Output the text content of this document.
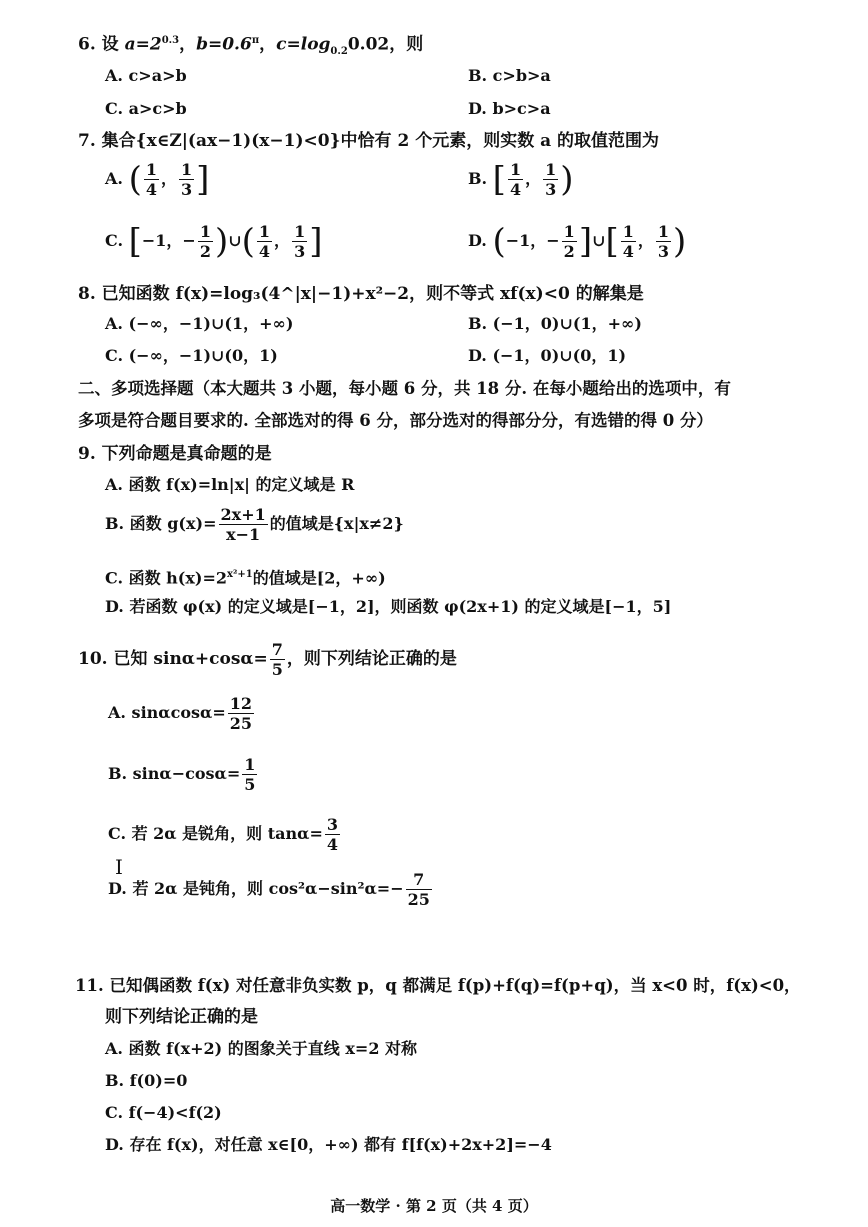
6. 设 $a=2^{0.3}$，$b=0.6^\pi$，$c=\log_{0.2}0.02$，则
A. c>a>b	B. c>b>a
C. a>c>b	D. b>c>a
7. 集合{x∈Z|(ax−1)(x−1)<0}中恰有 2 个元素，则实数 a 的取值范围为
A. ( $\frac{1}{4}$ ， $\frac{1}{3}$ ]	B. [ $\frac{1}{4}$ ， $\frac{1}{3}$ )
C. [−1，− $\frac{1}{2}$ )∪( $\frac{1}{4}$ ， $\frac{1}{3}$ ]	D. (−1，− $\frac{1}{2}$ ]∪[ $\frac{1}{4}$ ， $\frac{1}{3}$ )
8. 已知函数 f(x)=log₃(4^|x|−1)+x²−2，则不等式 xf(x)<0 的解集是
A. (−∞，−1)∪(1，+∞)	B. (−1，0)∪(1，+∞)
C. (−∞，−1)∪(0，1)	D. (−1，0)∪(0，1)
二、多项选择题（本大题共 3 小题，每小题 6 分，共 18 分. 在每小题给出的选项中，有
多项是符合题目要求的. 全部选对的得 6 分，部分选对的得部分分，有选错的得 0 分）
9. 下列命题是真命题的是
A. 函数 f(x)=ln|x| 的定义域是 R
B. 函数 $g(x)= \frac{2x+1}{x-1}$ 的值域是{x|x≠2}
C. 函数 $h(x)=2^{x^2+1}$的值域是[2，+∞)
D. 若函数 φ(x) 的定义域是[−1，2]，则函数 φ(2x+1) 的定义域是[−1，5]
10. 已知 $\sin\alpha+\cos\alpha= \frac{7}{5}$ ，则下列结论正确的是
A. $\sin\alpha\cos\alpha= \frac{12}{25}$
B. $\sin\alpha-\cos\alpha= \frac{1}{5}$
C. 若 2α 是锐角，则 $\tan\alpha= \frac{3}{4}$
I
D. 若 2α 是钝角，则 $\cos^2\alpha-\sin^2\alpha=- \frac{7}{25}$
11. 已知偶函数 f(x) 对任意非负实数 p，q 都满足 f(p)+f(q)=f(p+q)，当 x<0 时，f(x)<0，
则下列结论正确的是
A. 函数 f(x+2) 的图象关于直线 x=2 对称
B. f(0)=0
C. f(−4)<f(2)
D. 存在 f(x)，对任意 x∈[0，+∞) 都有 f[f(x)+2x+2]=−4
高一数学 · 第 2 页（共 4 页）
